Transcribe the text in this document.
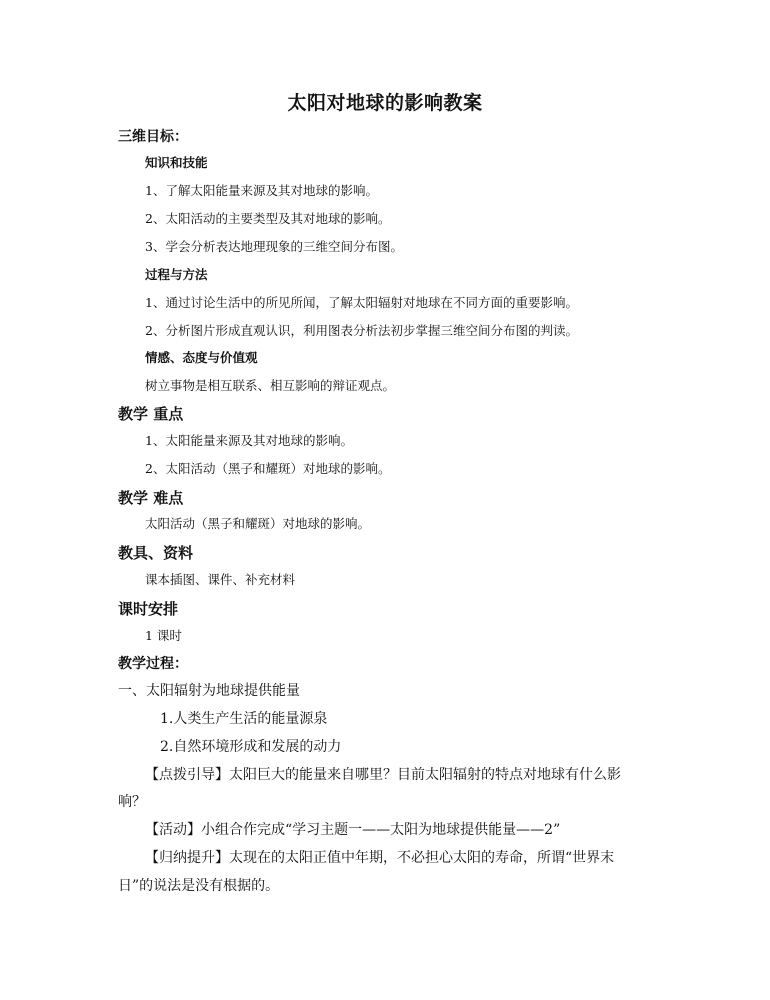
太阳对地球的影响教案
三维目标：
知识和技能
1、了解太阳能量来源及其对地球的影响。
2、太阳活动的主要类型及其对地球的影响。
3、学会分析表达地理现象的三维空间分布图。
过程与方法
1、通过讨论生活中的所见所闻，了解太阳辐射对地球在不同方面的重要影响。
2、分析图片形成直观认识，利用图表分析法初步掌握三维空间分布图的判读。
情感、态度与价值观
树立事物是相互联系、相互影响的辩证观点。
教学 重点
1、太阳能量来源及其对地球的影响。
2、太阳活动（黑子和耀斑）对地球的影响。
教学 难点
太阳活动（黑子和耀斑）对地球的影响。
教具、资料
课本插图、课件、补充材料
课时安排
1 课时
教学过程：
一、太阳辐射为地球提供能量
1.人类生产生活的能量源泉
2.自然环境形成和发展的动力
【点拨引导】太阳巨大的能量来自哪里？目前太阳辐射的特点对地球有什么影
响？
【活动】小组合作完成“学习主题一——太阳为地球提供能量——2”
【归纳提升】太现在的太阳正值中年期，不必担心太阳的寿命，所谓“世界末
日”的说法是没有根据的。
